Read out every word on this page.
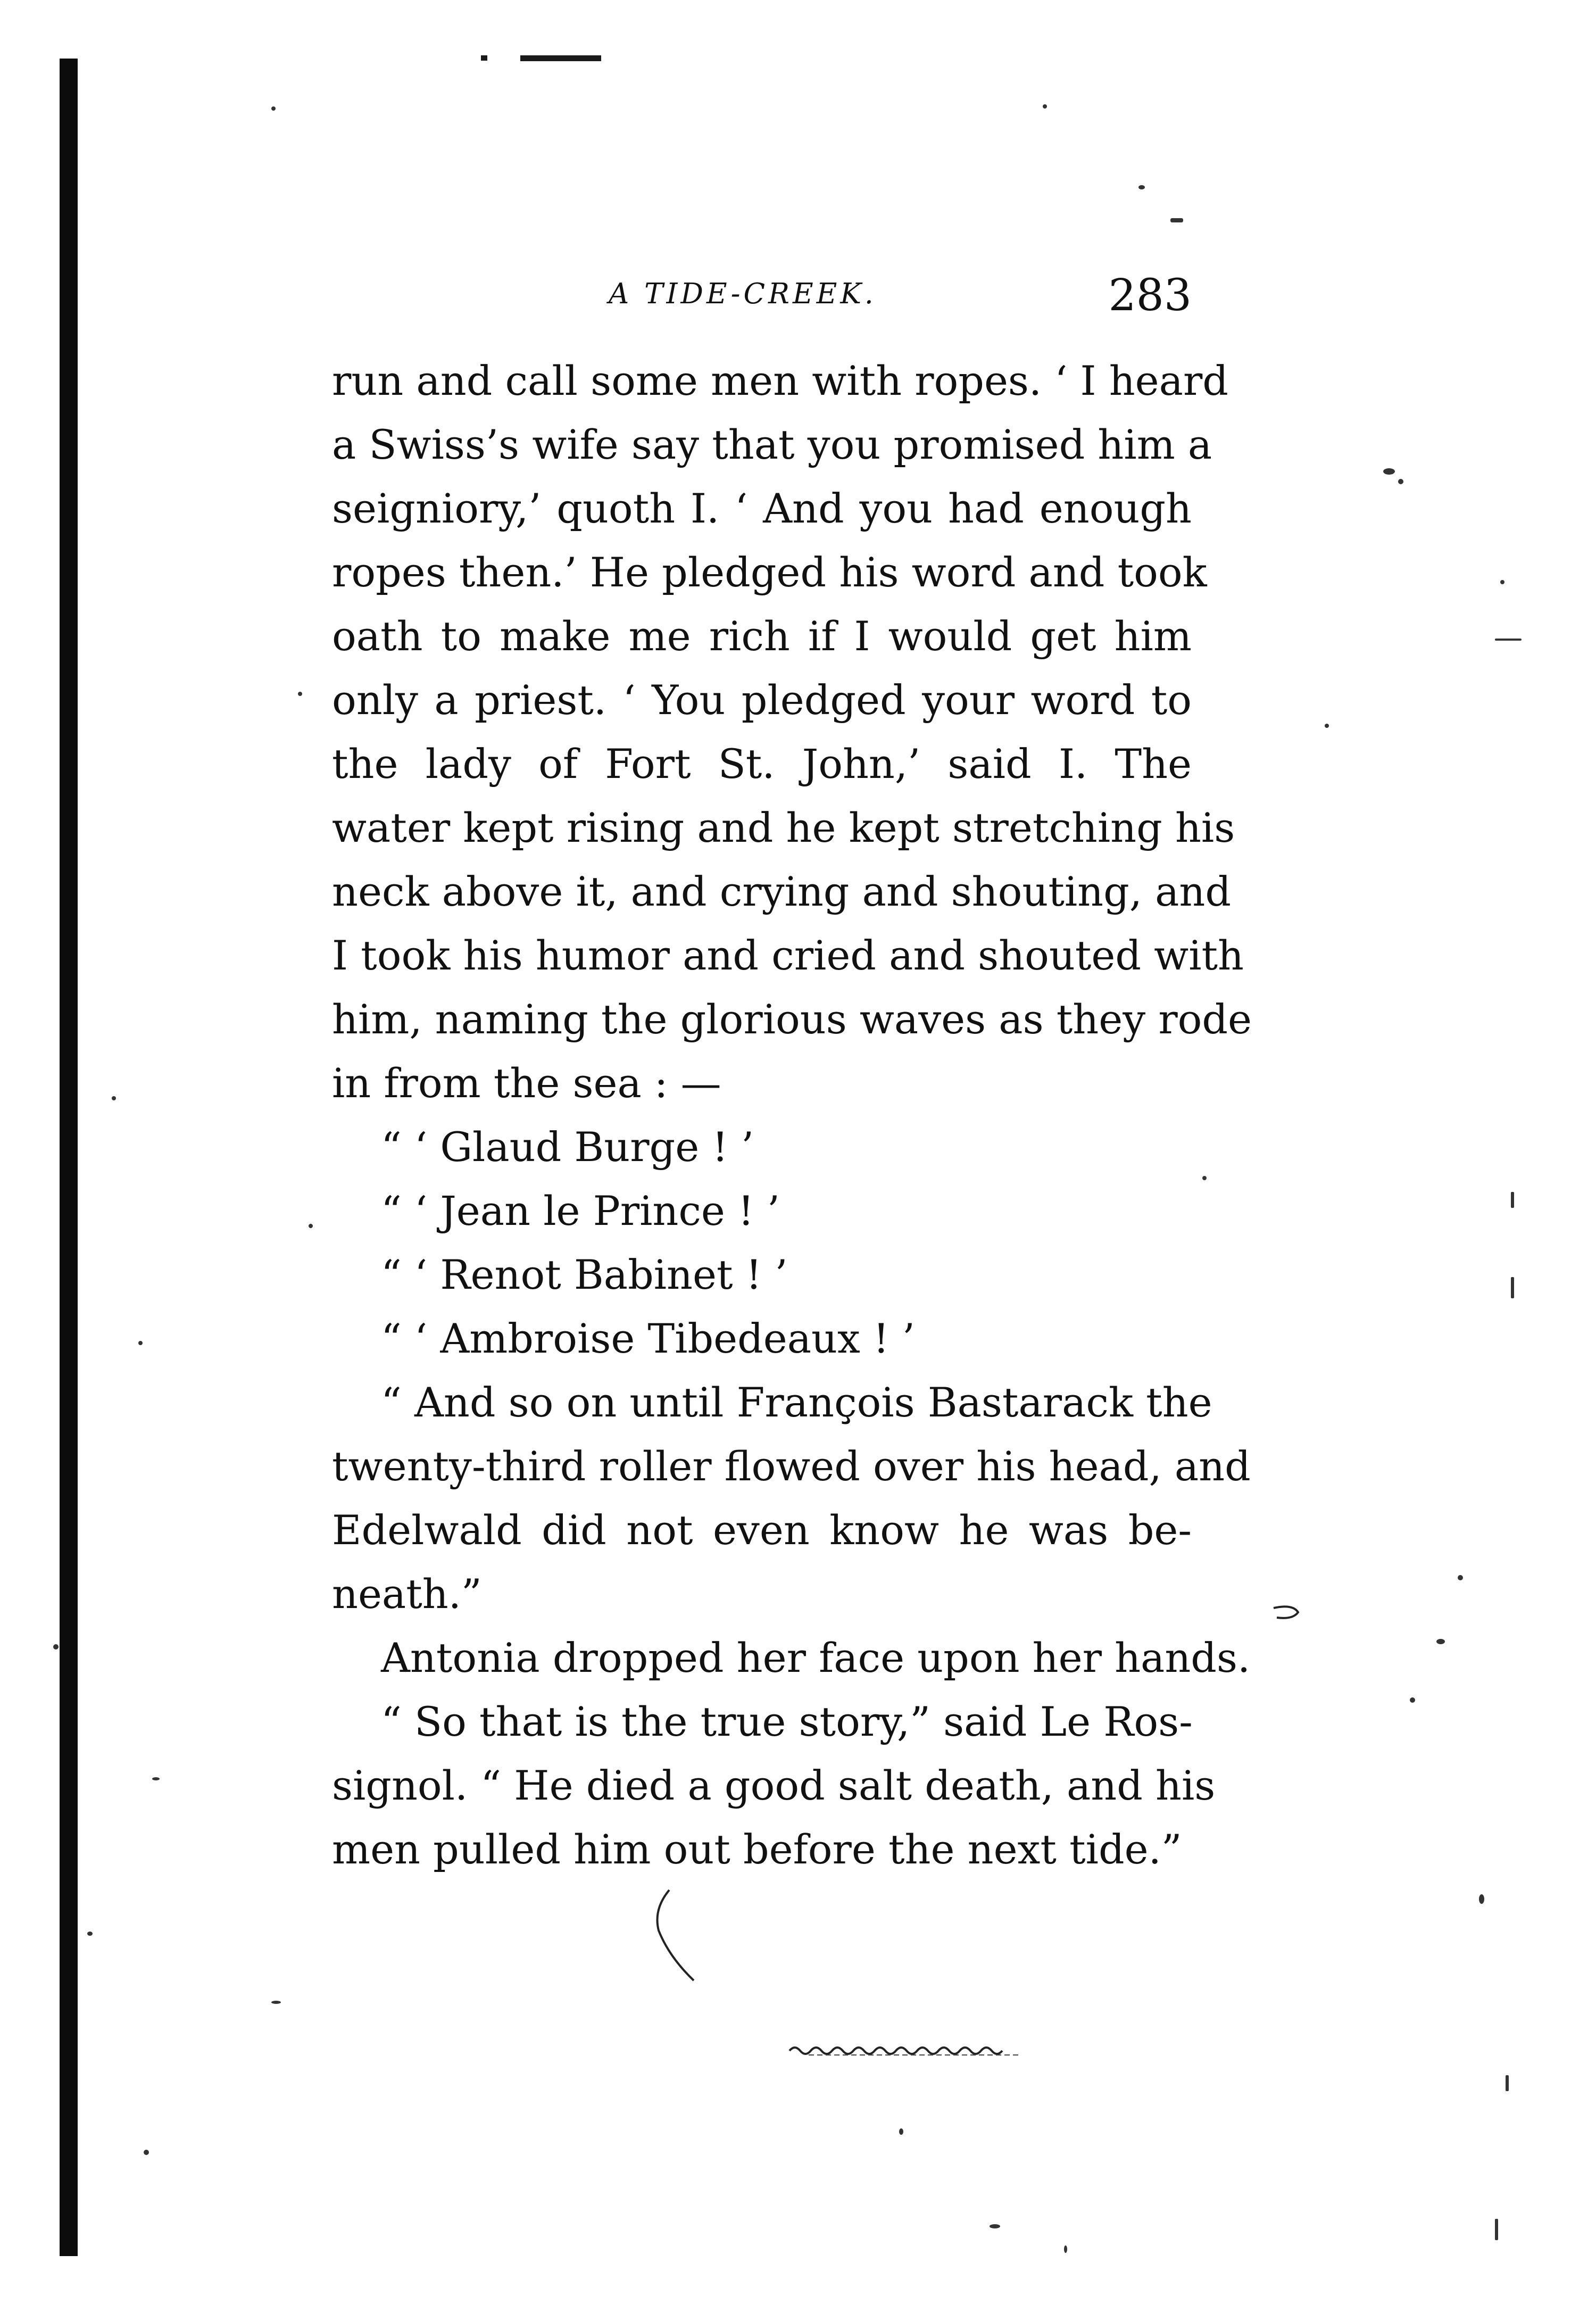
A TIDE-CREEK.	283
run and call some men with ropes. ‘ I heard
a Swiss’s wife say that you promised him a
seigniory,’ quoth I. ‘ And you had enough
ropes then.’ He pledged his word and took
oath to make me rich if I would get him
only a priest. ‘ You pledged your word to
the lady of Fort St. John,’ said I. The
water kept rising and he kept stretching his
neck above it, and crying and shouting, and
I took his humor and cried and shouted with
him, naming the glorious waves as they rode
in from the sea : —
“ ‘ Glaud Burge ! ’
“ ‘ Jean le Prince ! ’
“ ‘ Renot Babinet ! ’
“ ‘ Ambroise Tibedeaux ! ’
“ And so on until François Bastarack the
twenty-third roller flowed over his head, and
Edelwald did not even know he was be-
neath.”
Antonia dropped her face upon her hands.
“ So that is the true story,” said Le Ros-
signol. “ He died a good salt death, and his
men pulled him out before the next tide.”
